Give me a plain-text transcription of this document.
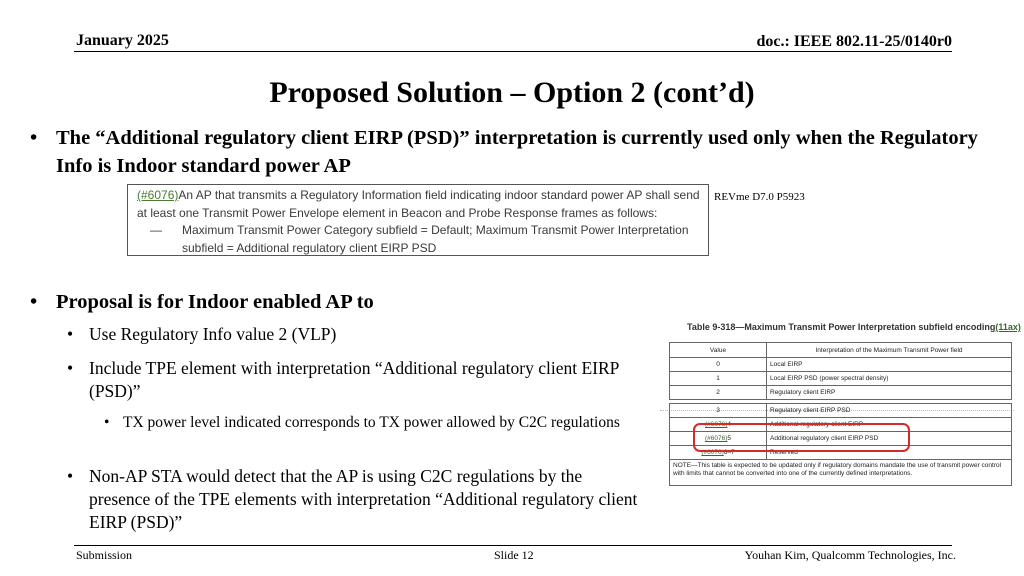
January 2025	doc.: IEEE 802.11-25/0140r0
Proposed Solution – Option 2 (cont’d)
• The “Additional regulatory client EIRP (PSD)” interpretation is currently used only when the Regulatory Info is Indoor standard power AP
(#6076)An AP that transmits a Regulatory Information field indicating indoor standard power AP shall send at least one Transmit Power Envelope element in Beacon and Probe Response frames as follows:
—	Maximum Transmit Power Category subfield = Default; Maximum Transmit Power Interpretation subfield = Additional regulatory client EIRP PSD
REVme D7.0 P5923
• Proposal is for Indoor enabled AP to
• Use Regulatory Info value 2 (VLP)
• Include TPE element with interpretation “Additional regulatory client EIRP (PSD)”
• TX power level indicated corresponds to TX power allowed by C2C regulations
• Non-AP STA would detect that the AP is using C2C regulations by the presence of the TPE elements with interpretation “Additional regulatory client EIRP (PSD)”
Table 9-318—Maximum Transmit Power Interpretation subfield encoding(11ax)
Value	Interpretation of the Maximum Transmit Power field
0	Local EIRP
1	Local EIRP PSD (power spectral density)
2	Regulatory client EIRP

3	Regulatory client EIRP PSD
(#6076)4	Additional regulatory client EIRP
(#6076)5	Additional regulatory client EIRP PSD
(#6076)6–7	Reserved
NOTE—This table is expected to be updated only if regulatory domains mandate the use of transmit power control with limits that cannot be converted into one of the currently defined interpretations.	
Submission	Slide 12	Youhan Kim, Qualcomm Technologies, Inc.
